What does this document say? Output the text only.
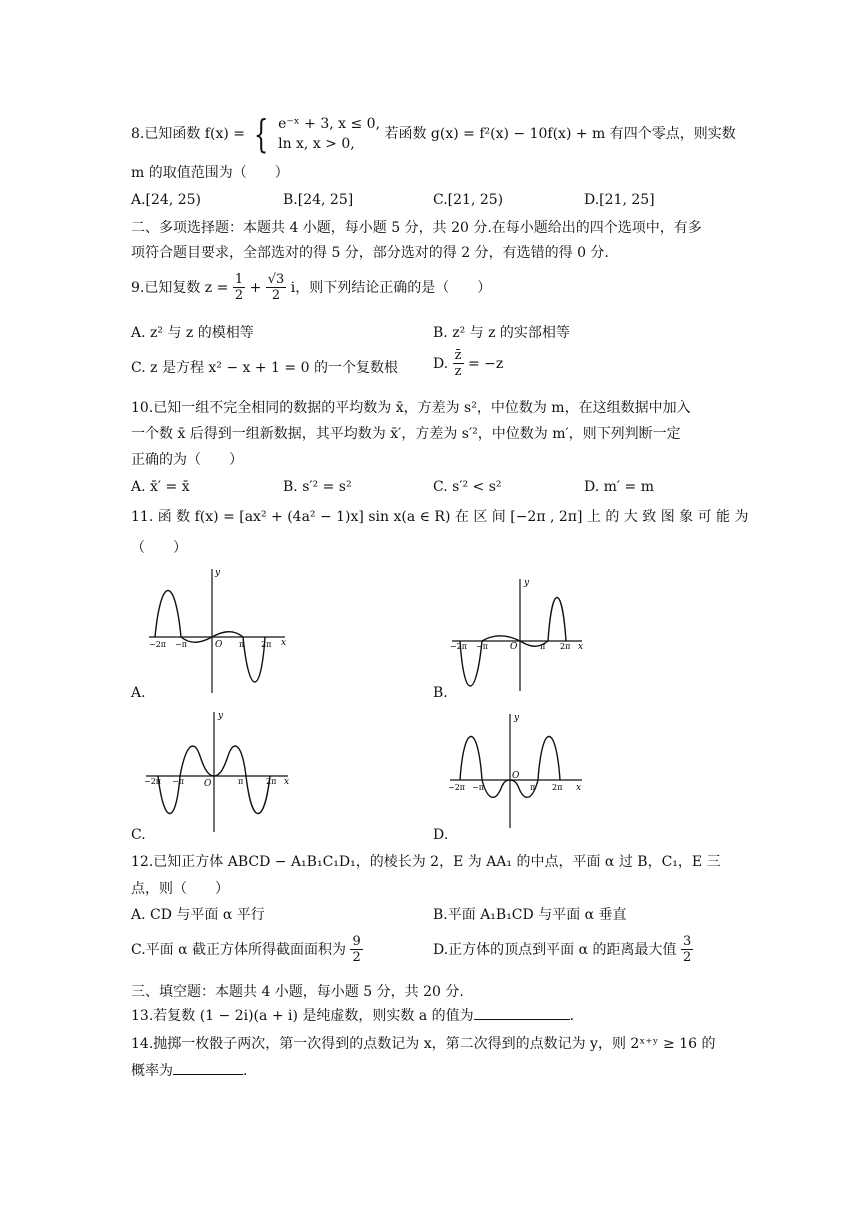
8.已知函数 f(x) = { e⁻ˣ + 3, x ≤ 0,
ln x, x > 0,
若函数 g(x) = f²(x) − 10f(x) + m 有四个零点，则实数
m 的取值范围为（　　）
A.[24, 25)	B.[24, 25]	C.[21, 25)	D.[21, 25]
二、多项选择题：本题共 4 小题，每小题 5 分，共 20 分.在每小题给出的四个选项中，有多
项符合题目要求，全部选对的得 5 分，部分选对的得 2 分，有选错的得 0 分.
9.已知复数 $z = \frac{1}{2} + \frac{√3}{2}$ i，则下列结论正确的是（　　）
A. z² 与 z 的模相等	B. z² 与 z 的实部相等
C. z 是方程 x² − x + 1 = 0 的一个复数根	D. $\frac{z̄}{z} = -z$
10.已知一组不完全相同的数据的平均数为 x̄，方差为 s²，中位数为 m，在这组数据中加入
一个数 x̄ 后得到一组新数据，其平均数为 x̄′，方差为 s′²，中位数为 m′，则下列判断一定
正确的为（　　）
A. x̄′ = x̄	B. s′² = s²	C. s′² < s²	D. m′ = m
11. 函 数 f(x) = [ax² + (4a² − 1)x] sin x(a ∈ R) 在 区 间 [−2π , 2π] 上 的 大 致 图 象 可 能 为
（　　）
y
x
O
−2π −π	π 2π
A.
y
x
O
−2π −π	π 2π
B.
y
x
O
−2π −π	π	2π
C.
y
x
O
−2π −π	π 2π
D.
12.已知正方体 ABCD − A₁B₁C₁D₁，的棱长为 2，E 为 AA₁ 的中点，平面 α 过 B，C₁，E 三
点，则（　　）
A. CD 与平面 α 平行	B.平面 A₁B₁CD 与平面 α 垂直
C.平面 α 截正方体所得截面面积为 $\frac{9}{2}$	D.正方体的顶点到平面 α 的距离最大值 $\frac{3}{2}$
三、填空题：本题共 4 小题，每小题 5 分，共 20 分.
13.若复数 (1 − 2i)(a + i) 是纯虚数，则实数 a 的值为	.
14.抛掷一枚骰子两次，第一次得到的点数记为 x，第二次得到的点数记为 y，则 2ˣ⁺ʸ ≥ 16 的
概率为	.
